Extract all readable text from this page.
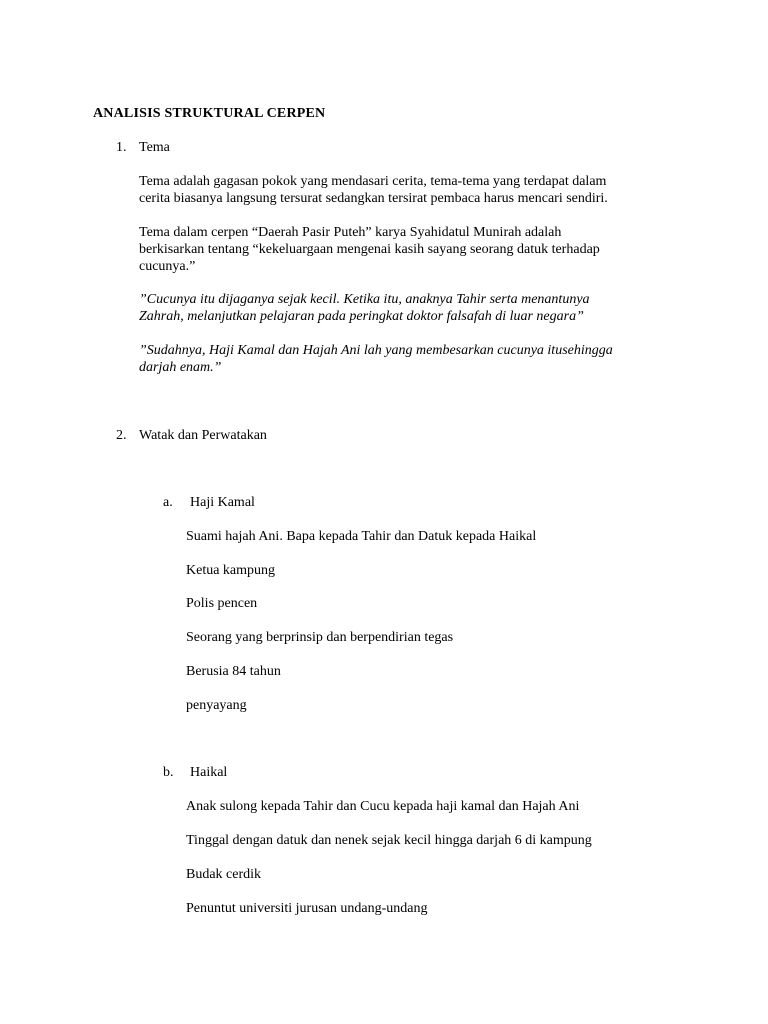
ANALISIS STRUKTURAL CERPEN
1. Tema
Tema adalah gagasan pokok yang mendasari cerita, tema-tema yang terdapat dalam
cerita biasanya langsung tersurat sedangkan tersirat pembaca harus mencari sendiri.
Tema dalam cerpen “Daerah Pasir Puteh” karya Syahidatul Munirah adalah
berkisarkan tentang “kekeluargaan mengenai kasih sayang seorang datuk terhadap
cucunya.”
”Cucunya itu dijaganya sejak kecil. Ketika itu, anaknya Tahir serta menantunya
Zahrah, melanjutkan pelajaran pada peringkat doktor falsafah di luar negara”
”Sudahnya, Haji Kamal dan Hajah Ani lah yang membesarkan cucunya itusehingga
darjah enam.”
2. Watak dan Perwatakan
a. Haji Kamal
Suami hajah Ani. Bapa kepada Tahir dan Datuk kepada Haikal
Ketua kampung
Polis pencen
Seorang yang berprinsip dan berpendirian tegas
Berusia 84 tahun
penyayang
b. Haikal
Anak sulong kepada Tahir dan Cucu kepada haji kamal dan Hajah Ani
Tinggal dengan datuk dan nenek sejak kecil hingga darjah 6 di kampung
Budak cerdik
Penuntut universiti jurusan undang-undang
